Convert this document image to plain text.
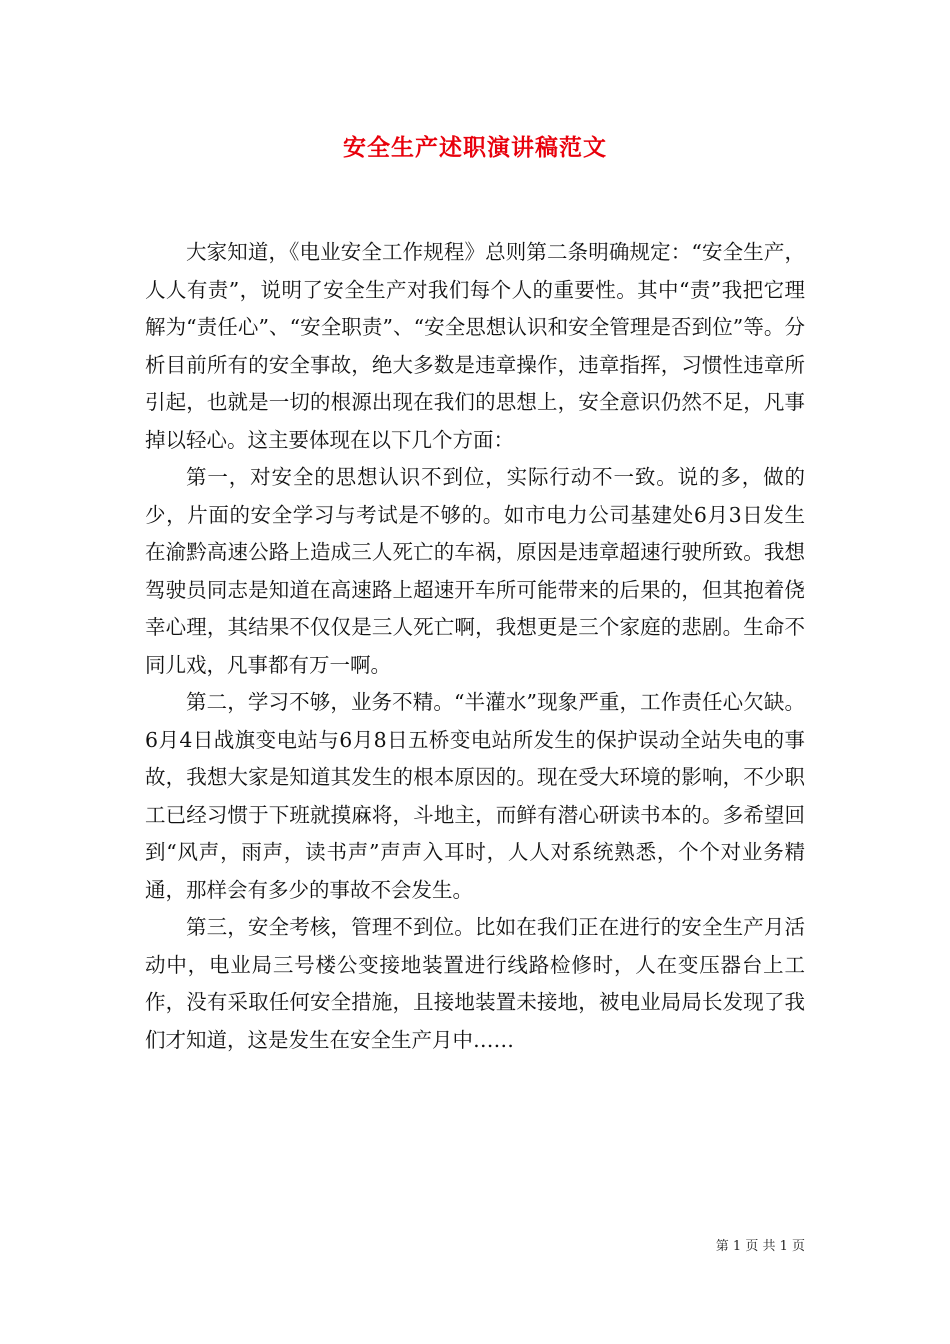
安全生产述职演讲稿范文

大家知道，《电业安全工作规程》总则第二条明确规定：“安全生产，人人有责”，说明了安全生产对我们每个人的重要性。其中“责”我把它理解为“责任心”、“安全职责”、“安全思想认识和安全管理是否到位”等。分析目前所有的安全事故，绝大多数是违章操作，违章指挥，习惯性违章所引起，也就是一切的根源出现在我们的思想上，安全意识仍然不足，凡事掉以轻心。这主要体现在以下几个方面：

第一，对安全的思想认识不到位，实际行动不一致。说的多，做的少，片面的安全学习与考试是不够的。如市电力公司基建处6月3日发生在渝黔高速公路上造成三人死亡的车祸，原因是违章超速行驶所致。我想驾驶员同志是知道在高速路上超速开车所可能带来的后果的，但其抱着侥幸心理，其结果不仅仅是三人死亡啊，我想更是三个家庭的悲剧。生命不同儿戏，凡事都有万一啊。

第二，学习不够，业务不精。“半灌水”现象严重，工作责任心欠缺。6月4日战旗变电站与6月8日五桥变电站所发生的保护误动全站失电的事故，我想大家是知道其发生的根本原因的。现在受大环境的影响，不少职工已经习惯于下班就摸麻将，斗地主，而鲜有潜心研读书本的。多希望回到“风声，雨声，读书声”声声入耳时，人人对系统熟悉，个个对业务精通，那样会有多少的事故不会发生。

第三，安全考核，管理不到位。比如在我们正在进行的安全生产月活动中，电业局三号楼公变接地装置进行线路检修时，人在变压器台上工作，没有采取任何安全措施，且接地装置未接地，被电业局局长发现了我们才知道，这是发生在安全生产月中……

第 1 页 共 1 页
